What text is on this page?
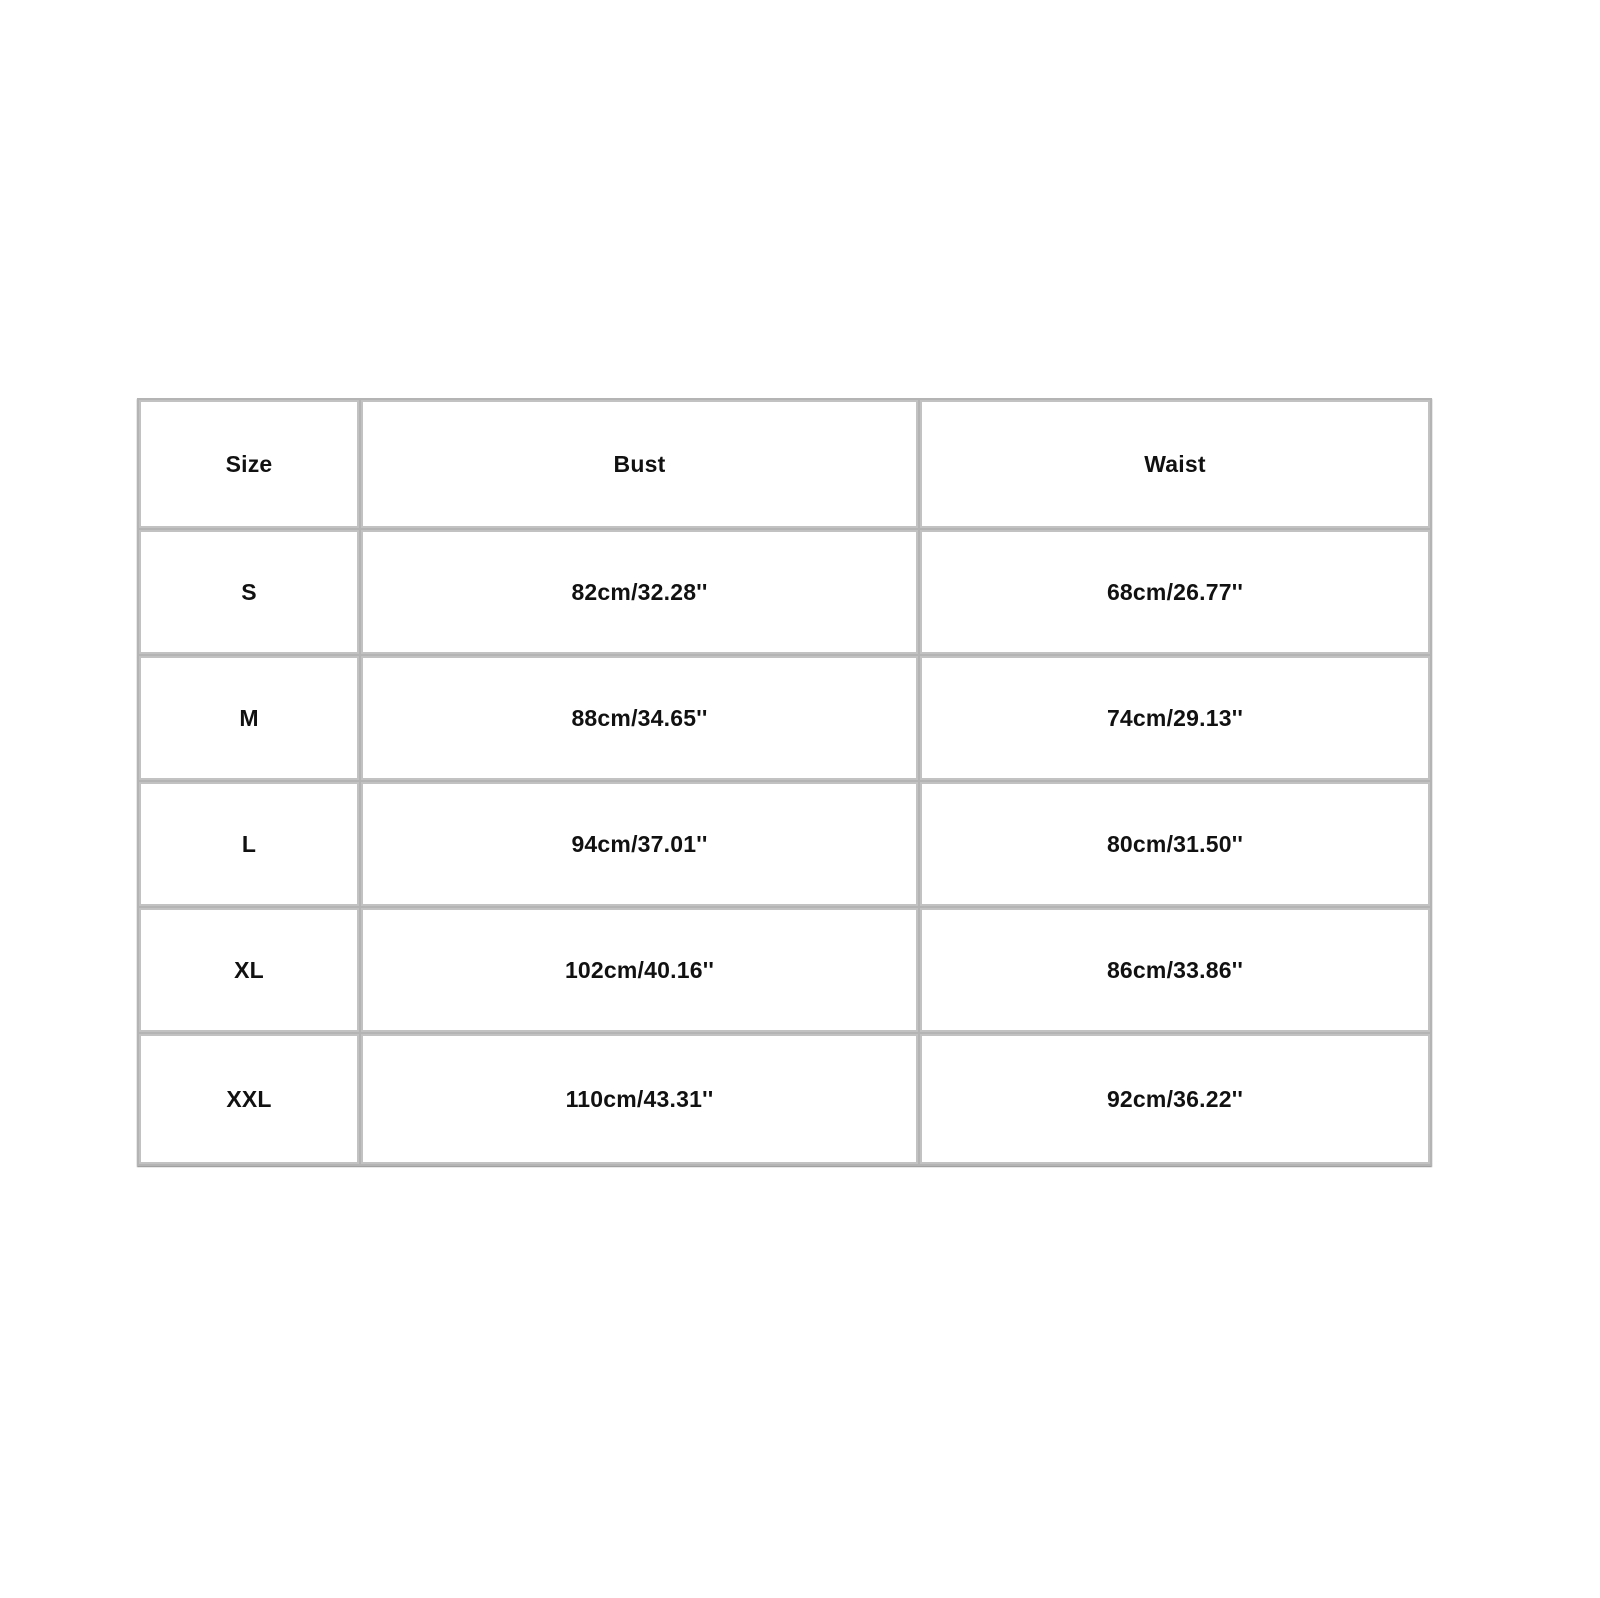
Size	Bust	Waist
S	82cm/32.28''	68cm/26.77''
M	88cm/34.65''	74cm/29.13''
L	94cm/37.01''	80cm/31.50''
XL	102cm/40.16''	86cm/33.86''
XXL	110cm/43.31''	92cm/36.22''
